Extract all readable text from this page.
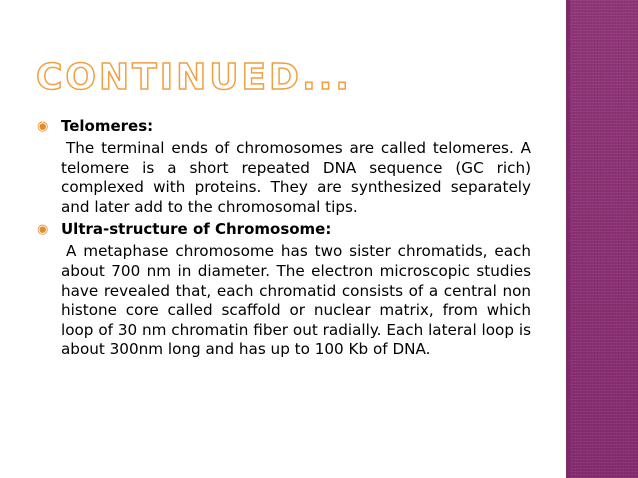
CONTINUED...
◉ Telomeres:

The terminal ends of chromosomes are called telomeres. A telomere is a short repeated DNA sequence (GC rich) complexed with proteins. They are synthesized separately and later add to the chromosomal tips.

◉ Ultra-structure of Chromosome:

A metaphase chromosome has two sister chromatids, each about 700 nm in diameter. The electron microscopic studies have revealed that, each chromatid consists of a central non histone core called scaffold or nuclear matrix, from which loop of 30 nm chromatin fiber out radially. Each lateral loop is about 300nm long and has up to 100 Kb of DNA.
